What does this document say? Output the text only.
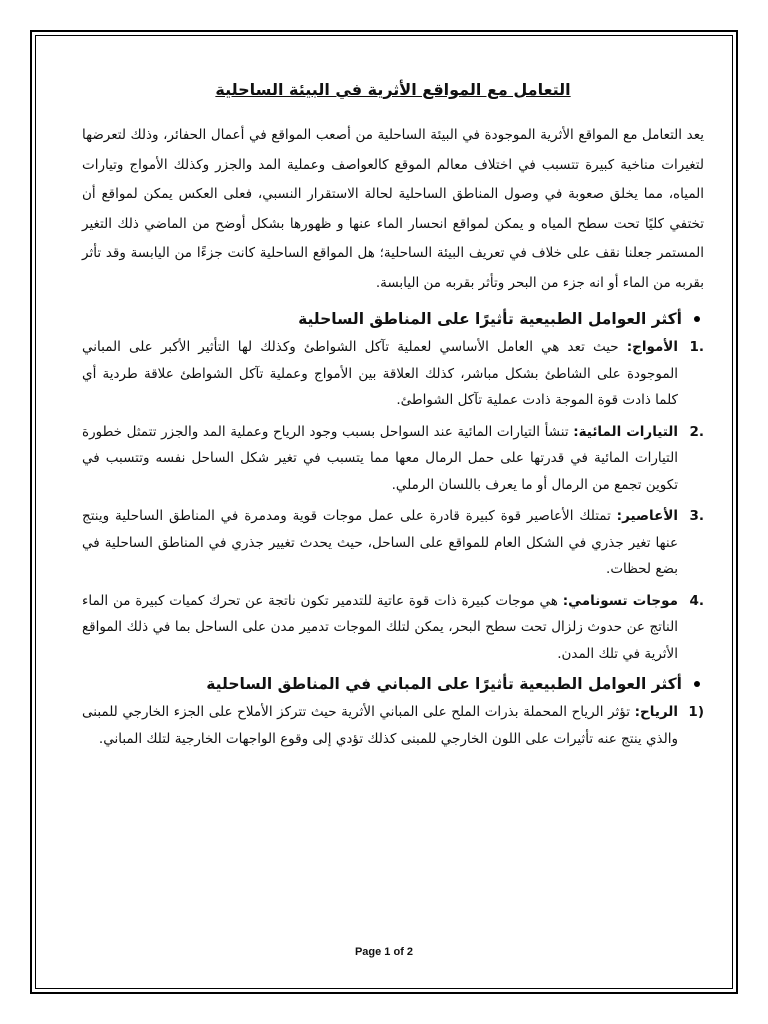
التعامل مع المواقع الأثرية في البيئة الساحلية

يعد التعامل مع المواقع الأثرية الموجودة في البيئة الساحلية من أصعب المواقع في أعمال الحفائر، وذلك لتعرضها لتغيرات مناخية كبيرة تتسبب في اختلاف معالم الموقع كالعواصف وعملية المد والجزر وكذلك الأمواج وتيارات المياه، مما يخلق صعوبة في وصول المناطق الساحلية لحالة الاستقرار النسبي، فعلى العكس يمكن لمواقع أن تختفي كليًا تحت سطح المياه و يمكن لمواقع انحسار الماء عنها و ظهورها بشكل أوضح من الماضي ذلك التغير المستمر جعلنا نقف على خلاف في تعريف البيئة الساحلية؛ هل المواقع الساحلية كانت جزءًا من اليابسة وقد تأثر بقربه من الماء أو انه جزء من البحر وتأثر بقربه من اليابسة.

أكثر العوامل الطبيعية تأثيرًا على المناطق الساحلية
1.
الأمواج: حيث تعد هي العامل الأساسي لعملية تآكل الشواطئ وكذلك لها التأثير الأكبر على المباني الموجودة على الشاطئ بشكل مباشر، كذلك العلاقة بين الأمواج وعملية تآكل الشواطئ علاقة طردية أي كلما ذادت قوة الموجة ذادت عملية تآكل الشواطئ.
2.
التيارات المائية: تنشأ التيارات المائية عند السواحل بسبب وجود الرياح وعملية المد والجزر تتمثل خطورة التيارات المائية في قدرتها على حمل الرمال معها مما يتسبب في تغير شكل الساحل نفسه وتتسبب في تكوين تجمع من الرمال أو ما يعرف باللسان الرملي.
3.
الأعاصير: تمتلك الأعاصير قوة كبيرة قادرة على عمل موجات قوية ومدمرة في المناطق الساحلية وينتج عنها تغير جذري في الشكل العام للمواقع على الساحل، حيث يحدث تغيير جذري في المناطق الساحلية في بضع لحظات.
4.
موجات تسونامي: هي موجات كبيرة ذات قوة عاتية للتدمير تكون ناتجة عن تحرك كميات كبيرة من الماء الناتج عن حدوث زلزال تحت سطح البحر، يمكن لتلك الموجات تدمير مدن على الساحل بما في ذلك المواقع الأثرية في تلك المدن.
أكثر العوامل الطبيعية تأثيرًا على المباني في المناطق الساحلية
1)
الرياح: تؤثر الرياح المحملة بذرات الملح على المباني الأثرية حيث تتركز الأملاح على الجزء الخارجي للمبنى والذي ينتج عنه تأثيرات على اللون الخارجي للمبنى كذلك تؤدي إلى وقوع الواجهات الخارجية لتلك المباني.
Page 1 of 2
